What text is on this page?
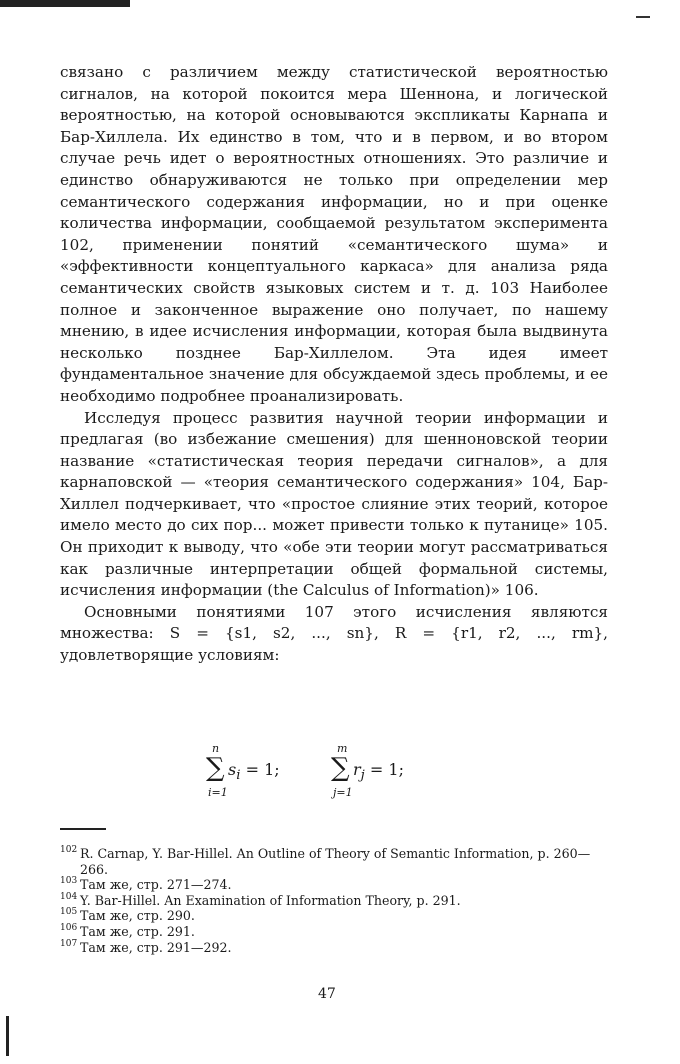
связано с различием между статистической вероятностью сигналов, на которой покоится мера Шеннона, и логической вероятностью, на которой основываются экспликаты Карнапа и Бар-Хиллела. Их единство в том, что и в первом, и во втором случае речь идет о вероятностных отношениях. Это различие и единство обнаруживаются не только при определении мер семантического содержания информации, но и при оценке количества информации, сообщаемой результатом эксперимента 102, применении понятий «семантического шума» и «эффективности концептуального каркаса» для анализа ряда семантических свойств языковых систем и т. д. 103 Наиболее полное и законченное выражение оно получает, по нашему мнению, в идее исчисления информации, которая была выдвинута несколько позднее Бар-Хиллелом. Эта идея имеет фундаментальное значение для обсуждаемой здесь проблемы, и ее необходимо подробнее проанализировать.

Исследуя процесс развития научной теории информации и предлагая (во избежание смешения) для шенноновской теории название «статистическая теория передачи сигналов», а для карнаповской — «теория семантического содержания» 104, Бар-Хиллел подчеркивает, что «простое слияние этих теорий, которое имело место до сих пор... может привести только к путанице» 105. Он приходит к выводу, что «обе эти теории могут рассматриваться как различные интерпретации общей формальной системы, исчисления информации (the Calculus of Information)» 106.

Основными понятиями 107 этого исчисления являются множества: S = {s1, s2, ..., sn}, R = {r1, r2, ..., rm}, удовлетворящие условиям:

n
∑ $s_i = 1$;
i=1
m
∑ $r_j = 1$;
j=1
102 R. Carnap, Y. Bar-Hillel. An Outline of Theory of Semantic Information, p. 260—266.
103 Там же, стр. 271—274.
104 Y. Bar-Hillel. An Examination of Information Theory, p. 291.
105 Там же, стр. 290.
106 Там же, стр. 291.
107 Там же, стр. 291—292.
47
